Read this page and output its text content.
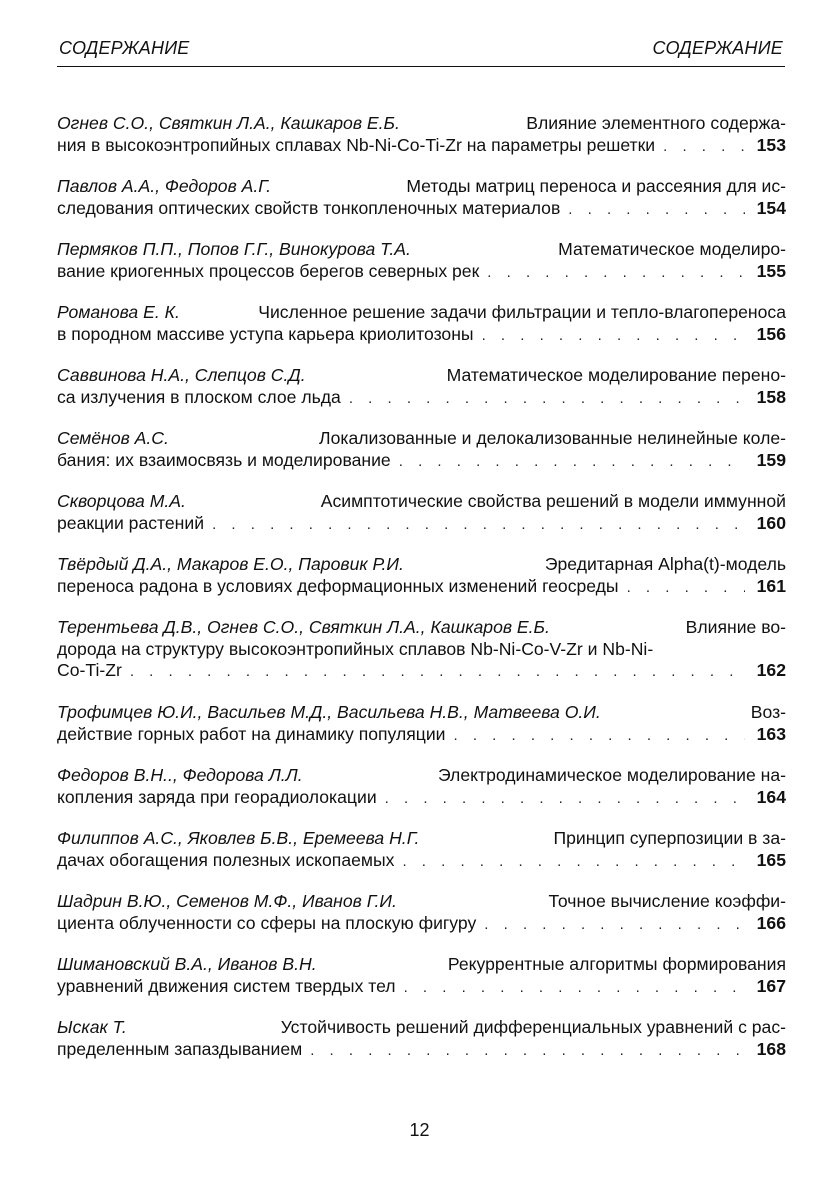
СОДЕРЖАНИЕ	СОДЕРЖАНИЕ
Огнев С.О., Святкин Л.А., Кашкаров Е.Б.	Влияние элементного содержа-
ния в высокоэнтропийных сплавах Nb-Ni-Co-Ti-Zr на параметры решетки . . .	153
Павлов А.А., Федоров А.Г.	Методы матриц переноса и рассеяния для ис-
следования оптических свойств тонкопленочных материалов . . .	154
Пермяков П.П., Попов Г.Г., Винокурова Т.А.	Математическое моделиро-
вание криогенных процессов берегов северных рек . . .	155
Романова Е. К.	Численное решение задачи фильтрации и тепло-влагопереноса
в породном массиве уступа карьера криолитозоны . . .	156
Саввинова Н.А., Слепцов С.Д.	Математическое моделирование перено-
са излучения в плоском слое льда . . .	158
Семёнов А.С.	Локализованные и делокализованные нелинейные коле-
бания: их взаимосвязь и моделирование . . .	159
Скворцова М.А.	Асимптотические свойства решений в модели иммунной
реакции растений . . .	160
Твёрдый Д.А., Макаров Е.О., Паровик Р.И.	Эредитарная Alpha(t)-модель
переноса радона в условиях деформационных изменений геосреды . . .	161
Терентьева Д.В., Огнев С.О., Святкин Л.А., Кашкаров Е.Б.	Влияние во-
дорода на структуру высокоэнтропийных сплавов Nb-Ni-Co-V-Zr и Nb-Ni-
Co-Ti-Zr . . .	162
Трофимцев Ю.И., Васильев М.Д., Васильева Н.В., Матвеева О.И.	Воз-
действие горных работ на динамику популяции . . .	163
Федоров В.Н.., Федорова Л.Л.	Электродинамическое моделирование на-
копления заряда при георадиолокации . . .	164
Филиппов А.С., Яковлев Б.В., Еремеева Н.Г.	Принцип суперпозиции в за-
дачах обогащения полезных ископаемых . . .	165
Шадрин В.Ю., Семенов М.Ф., Иванов Г.И.	Точное вычисление коэффи-
циента облученности со сферы на плоскую фигуру . . .	166
Шимановский В.А., Иванов В.Н.	Рекуррентные алгоритмы формирования
уравнений движения систем твердых тел . . .	167
Ыскак Т.	Устойчивость решений дифференциальных уравнений с рас-
пределенным запаздыванием . . .	168
12
